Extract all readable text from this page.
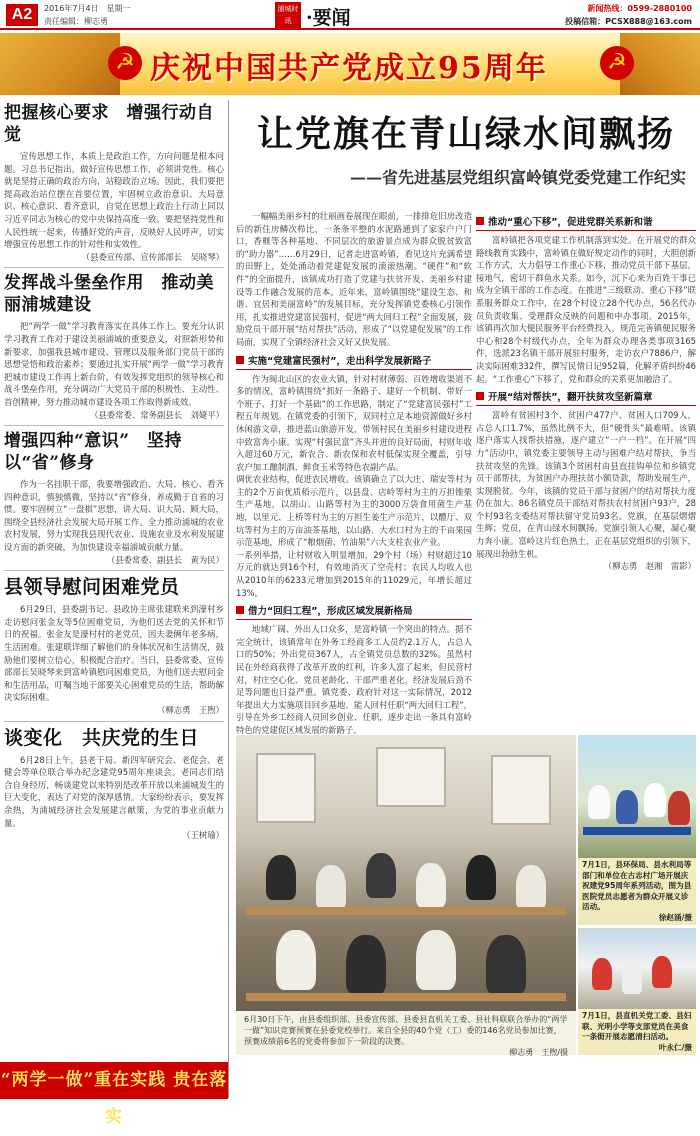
A2	2016年7月4日　星期一
责任编辑：柳志勇
浦城时讯 ·要闻	新闻热线：0599-2880100
投稿信箱：PCSX888@163.com
☭ 庆祝中国共产党成立95周年	☭
把握核心要求　增强行动自觉
宣传思想工作，本质上是政治工作，方向问题是根本问题。习总书记指出，做好宣传思想工作，必须讲党性。核心就是坚持正确的政治方向，站稳政治立场。因此，我们要把提高政治站位摆在首要位置，牢固树立政治意识、大局意识、核心意识、看齐意识，自觉在思想上政治上行动上同以习近平同志为核心的党中央保持高度一致。要把坚持党性和人民性统一起来，传播好党的声音，反映好人民呼声，切实增强宣传思想工作的针对性和实效性。
（县委宣传部、宣传部部长　吴晓琴）
发挥战斗堡垒作用　推动美丽浦城建设
把“两学一做”学习教育落实在具体工作上。要充分认识学习教育工作对于建设美丽浦城的重要意义，对照新形势和新要求，加强我县城市建设、管理以及服务部门党员干部的思想觉悟和政治素养；要通过扎实开展“两学一做”学习教育把城市建设工作再上新台阶，有效发挥党组织的领导核心和战斗堡垒作用，充分调动广大党员干部的积极性、主动性、首创精神，努力推动城市建设各项工作取得新成效。
（县委常委、常务副县长　刘婕平）
增强四种“意识”　坚持以“省”修身
作为一名挂职干部，我要增强政治、大局、核心、看齐四种意识，慎独慎微，坚持以“省”修身，养成勤于自省的习惯。要牢固树立“一盘棋”思想，讲大局、识大局、顾大局，围绕全县经济社会发展大局开展工作。全力推动浦城的农业农村发展，努力实现我县现代农业、设施农业及水利发展建设方面的新突破，为加快建设幸福浦城贡献力量。
（县委常委、副县长　黄为民）
县领导慰问困难党员
6月29日，县委副书记、县政协主席张建联来到濠村乡走访慰问张金友等5位困难党员，为他们送去党的关怀和节日的祝福。张金友是濠村村的老党员，因夫妻俩年老多病，生活困难。张建联详细了解他们的身体状况和生活情况，鼓励他们要树立信心，积极配合治疗。当日，县委常委、宣传部部长吴晓琴来到富岭镇慰问困难党员，为他们送去慰问金和生活用品，叮嘱当地干部要关心困难党员的生活，帮助解决实际困难。
（柳志勇　王煦）
谈变化　共庆党的生日
6月28日上午，县老干局、新四军研究会、老促会、老健会等单位联合举办纪念建党95周年座谈会。老同志们结合自身经历，畅谈建党以来特别是改革开放以来浦城发生的巨大变化，表达了对党的深厚感情。大家纷纷表示，要发挥余热，为浦城经济社会发展建言献策，为党的事业贡献力量。
（王树瑜）
让党旗在青山绿水间飘扬
——省先进基层党组织富岭镇党委党建工作纪实
一幅幅美丽乡村的壮丽画卷展现在眼前，一排排危旧房改造后的新住房鳞次栉比，一条条平整的水泥路通到了家家户户门口，香榧等各种基地、不同层次的旅游景点成为群众脱贫致富的“助力器”……6月29日，记者走进富岭镇，看见这片充满希望的田野上，处处涌动着党建促发展的滚滚热潮。“硬件”和“软件”的全面提升，该镇成功打造了党建与扶贫开发、美丽乡村建设等工作融合发展的范本。近年来，富岭镇围绕“建设生态、和谐、宜居和美丽富岭”的发展目标，充分发挥镇党委核心引领作用，扎实推进党建富民强村，促进“两大回归工程”全面发展，鼓励党员干部开展“结对帮扶”活动，形成了“以党建促发展”的工作局面，实现了全镇经济社会又好又快发展。
实施“党建富民强村”，走出科学发展新路子
作为闽北山区的农业大镇，针对村财薄弱、百姓增收渠道不多的情况，富岭镇围绕“抓好一条路子、建好一个机制、带好一个班子、打好一个基础”的工作思路，制定了“党建富民强村”工程五年规划。在镇党委的引领下，双同村立足本地资源做好乡村休闲游文章，推进蓝山旅游开发，带领村民在美丽乡村建设进程中致富奔小康。实现“村强民富”齐头并进的良好局面，村财年收入超过60万元，新农合、新农保和农村低保实现全覆盖，引导农户加工酿制酒、鲜食玉米等特色农副产品。
调优农业结构，促进农民增收。该镇确立了以大庄、瑞安等村为主的2个万亩优质稻示范片，以县盘、店岭等村为主的万担锥栗生产基地，以胡山、山路等村为主的3000万袋食用菌生产基地，以里元、上桥等村为主的万担生姜生产示范片，以醴厅、双坑等村为主的万亩油茶基地，以山路、大水口村为主的千亩果园示范基地，形成了“粮烟菌、竹油果”六大支柱农业产业。
一系列举措，让村财收入明显增加，29个村（场）村财超过10万元的就达到16个村，有效地消灭了空壳村；农民人均收入也从2010年的6233元增加到2015年的11029元，年增长超过13%。
借力“回归工程”，形成区域发展新格局
地域广阔、外出人口众多，是富岭镇一个突出的特点。据不完全统计，该镇常年在外务工经商多工人员约2.1万人，占总人口的50%；外出党员367人，占全镇党员总数的32%。虽然村民在外经商获得了改革开放的红利，许多人富了起来，但民营村对，村庄空心化、党员老龄化、干部严重老化，经济发展后劲不足等问题也日益严重。镇党委、政府针对这一实际情况，2012年提出大力实施项目回乡基地、能人回村任职“两大回归工程”，引导在外乡工经商人员回乡创业、任职，逐步走出一条具有富岭特色的党建促区域发展的新路子。
推动“重心下移”，促进党群关系新和谐
富岭镇把各项党建工作机制落到实处。在开展党的群众路线教育实践中，富岭镇在做好规定动作的同时，大胆创新工作方式，大力倡导工作重心下移，推动党员干部下基层，接地气，密切干群鱼水关系。如今，沉下心来为百姓干事已成为全镇干部的工作态度。在推进“三级联动、重心下移”联系服务群众工作中，在28个村设立28个代办点，56名代办员负责收集、受理群众反映的问题和申办事项。2015年，该镇再次加大便民服务平台经费投入，规范完善镇便民服务中心和28个村级代办点，全年为群众办理各类事项3165件，选派23名镇干部开展驻村服务，走访农户7886户，解决实际困难332件，撰写民情日记952篇，化解矛盾纠纷46起。“工作重心”下移了，党和群众的关系更加融洽了。
开展“结对帮扶”，翻开扶贫攻坚新篇章
富岭有贫困村3个、贫困户477户、贫困人口709人，占总人口1.7%，虽然比例不大，但“硬骨头”最难啃。该镇逐户落实人找帮扶措施，逐户建立“一户一档”。在开展“四力”活动中，镇党委主要领导主动与困难户结对帮扶，争当扶贫攻坚的先锋。该镇3个贫困村由县直挂钩单位和乡镇党员干部帮扶，为贫困户办理扶贫小额贷款，帮助发展生产，实现脱贫。今年，该镇的党员干部与贫困户的结对帮扶力度仍在加大。86名镇党员干部结对帮扶农村贫困户93户，28个村93名支委结对帮扶留守党员93名。党旗，在基层熠熠生辉；党员，在青山绿水间飘扬。党旗引领人心聚，凝心聚力奔小康。富岭这片红色热土，正在基层党组织的引领下，展现出勃勃生机。
（柳志勇　赵湘　雷影）
6月30日下午，由县委组织部、县委宣传部、县委县直机关工委、县社科联联合举办的“两学一做”知识竞赛预赛在县委党校举行。来自全县的40个党（工）委的146名党员参加比赛，预赛成绩前6名的党委将参加下一阶段的决赛。
柳志勇　王煦/摄
7月1日，县环保局、县水利局等部门和单位在古志村广场开展庆祝建党95周年系列活动，图为县医院党员志愿者为群众开展义诊活动。
徐赵涌/摄
7月1日，县直机关党工委、县妇联、光明小学等支部党员在美食一条街开展志愿清扫活动。
叶永仁/摄
“两学一做”重在实践 贵在落实
